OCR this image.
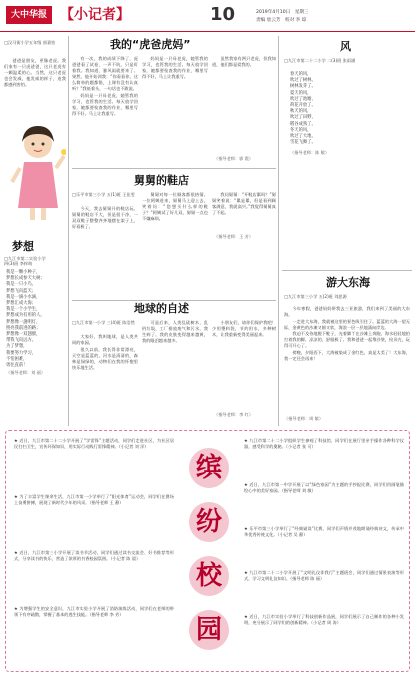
大中华报 【小记者】	10	2019年4月10日　星期三
责编 詹云芳　校对 李 琼
我的“虎爸虎妈”
□汉马街小学五年级 郭嘉怡

爸爸是朋友，更像老虎。我们家有一只虎爸爸，这只老虎有一颗温柔的心。当然，这只老虎也会发威，他发威的样子，连我都感到害怕。

有一次，我的成绩下降了，虎爸爸看了试卷，一声不吭，只是盯着我。我知道，暴风雨就要来了。果然，他开始训我：“你看看你，这么简单的题都错，上课有没有认真听？”我低着头，一句话也不敢说。

妈妈是一只母老虎，她管我的学习，也管我的生活。每天放学回家，她都要检查我的作业，哪里写得不好，马上让我重写。

妈妈是一只母老虎，她管我的学习，也管我的生活。每天放学回家，她都要检查我的作业，哪里写得不好，马上让我重写。

虽然我家有两只老虎，但我知道，他们都是爱我的。

（指导老师：郭 霞）
梦想
□九江市第二实验小学
四(3)班 李梓萌
我是一颗小种子，
梦想长成参天大树；
我是一只小鸟，
梦想飞向蓝天；
我是一滴小水滴，
梦想汇成大海；
我是一个小学生，
梦想成为有用的人。
梦想像一盏明灯，
照亮我前进的路；
梦想像一双翅膀，
带我飞向远方。
为了梦想，
我要努力学习，
不怕困难，
勇往直前！
（指导老师：刘 丽）
舅舅的鞋店
□乐平市第三小学 五(1)班 王佳雯

今天，我去舅舅开的鞋店玩。舅舅的鞋店不大，但是很干净，一双双鞋子整整齐齐地摆在架子上，好看极了。

舅舅对每一位顾客都很热情。一位阿姨进来，舅舅马上迎上去，笑着问：“您想买什么样的鞋子？”阿姨试了好几双，舅舅一点也不嫌麻烦。

我问舅舅：“开鞋店累吗？”舅舅笑着说：“累是累，但是看到顾客满意，我就高兴。”我觉得舅舅真了不起。

（指导老师：王 芳）
地球的自述
□九江市第一小学 三(4)班 陈浩然

大家好，我叫地球，是人类共同的家园。

很久以前，我长得非常漂亮，天空是蓝蓝的，河水是清清的，森林是绿绿的，动物们在我的怀抱里快乐地生活。

可是后来，人类乱砍树木，乱扔垃圾，工厂排放废气和污水，我生病了。我的皮肤变得越来越黄，我的眼泪越来越多。

小朋友们，请你们保护我吧！少用塑料袋，节约用水，多种树木，让我重新变得美丽起来。

（指导老师：李 红）
风
□九江市第二十二小学 二(3)班 张雨涵
春天的风，
吹过了树林，
树林发芽了。
夏天的风，
吹过了池塘，
荷花开放了。
秋天的风，
吹过了田野，
稻谷成熟了。
冬天的风，
吹过了大地，
雪花飞舞了。
（指导老师：陈 敏）
游大东海
□九江市第三小学 五(2)班 刘思源

今年寒假，爸爸妈妈带我去三亚旅游，我们来到了美丽的大东海。

一走进大东海，我就被这里的景色吸引住了。蓝蓝的大海一望无际，金黄色的沙滩又细又软，海浪一层一层地涌向岸边。

我迫不及待地脱下鞋子，光着脚丫在沙滩上奔跑。海水轻轻地拍打着我的脚，凉凉的，舒服极了。我和爸爸一起堆沙堡，捡贝壳，玩得可开心了。

傍晚，夕阳西下，大海被染成了金红色，真是太美了！大东海，我一定还会再来！

（指导老师：周 敏）
缤
纷
校
园

★ 近日，九江市第二十二小学开展了“学雷锋”主题活动，同学们走进社区，为社区居民打扫卫生，宣传环保知识，用实际行动践行雷锋精神。（小记者 刘 洋）

★ 为了丰富学生课余生活，九江市第一小学举行了“阳光体育”运动会，同学们在赛场上奋勇拼搏，展现了新时代少年的风采。（指导老师 王 静）

★ 近日，九江市第三小学开展了读书节活动，同学们通过读书交流会、好书推荐等形式，分享读书的快乐，营造了浓厚的书香校园氛围。（小记者 陈 晨）

★ 为增强学生的安全意识，九江市实验小学开展了消防演练活动，同学们在老师的带领下有序疏散，掌握了基本的逃生技能。（指导老师 李 芳）

★ 九江市第二十二小学组织学生参观了科技馆，同学们在展厅里亲手操作各种科学仪器，感受科学的奥秘。（小记者 张 可）

★ 近日，九江市第一中学开展了以“绿色家园”为主题的手抄报比赛，同学们用画笔描绘心中的美好家园。（指导老师 刘 敏）

★ 乐平市第三小学举行了“经典诵读”比赛，同学们声情并茂地朗诵经典诗文，传承中华优秀传统文化。（小记者 吴 静）

★ 九江市第二十二小学开展了“文明礼仪伴我行”主题班会，同学们通过情景表演等形式，学习文明礼仪知识。（指导老师 陈 丽）

★ 近日，九江市实验小学举行了科技创新作品展，同学们展示了自己制作的各种小发明，充分展示了同学们的创新精神。（小记者 周 涛）
